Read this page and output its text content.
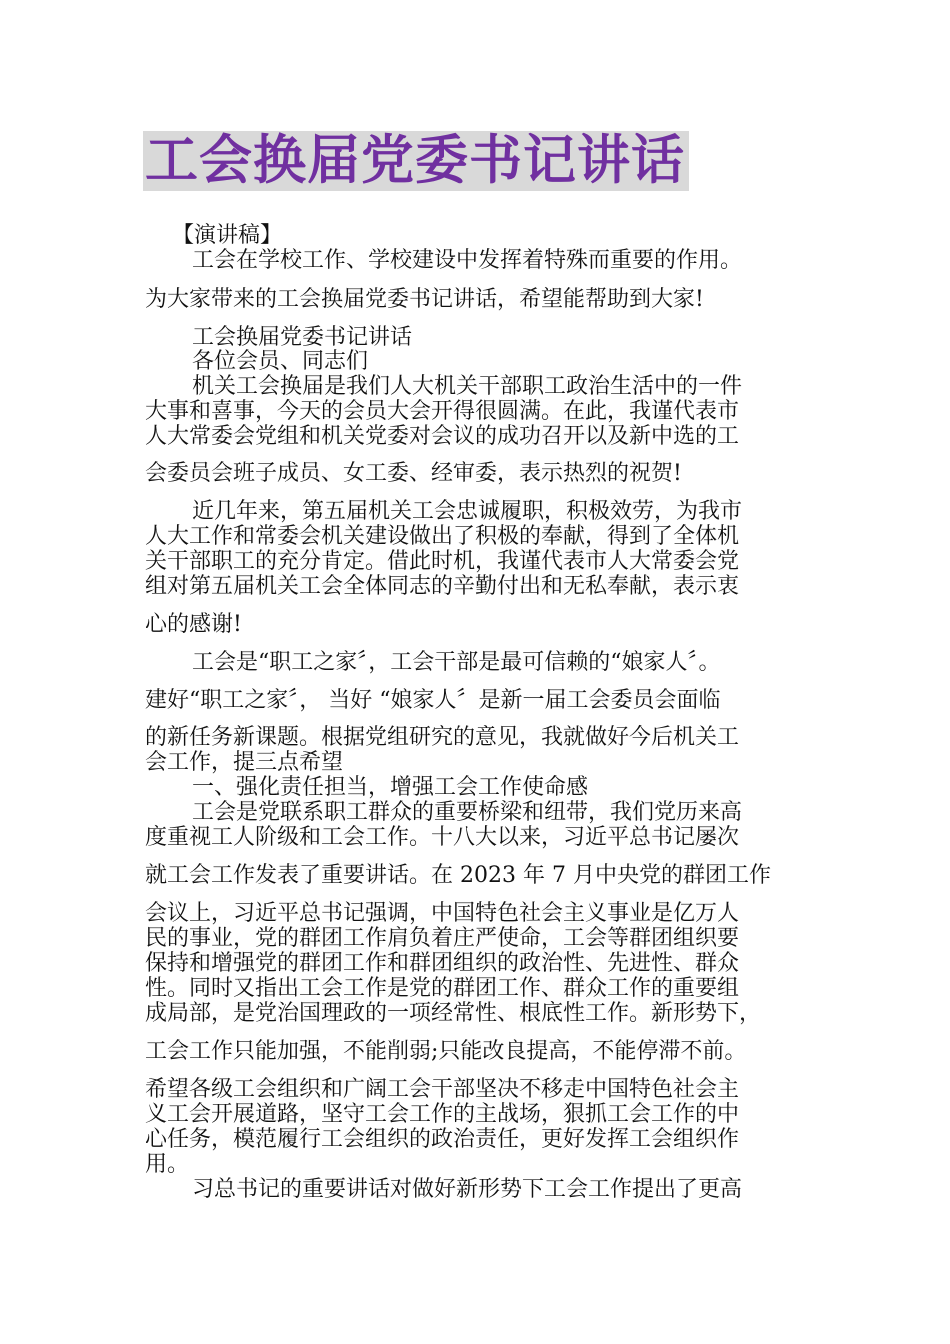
工会换届党委书记讲话
【演讲稿】
工会在学校工作、学校建设中发挥着特殊而重要的作用。
为大家带来的工会换届党委书记讲话，希望能帮助到大家!
工会换届党委书记讲话
各位会员、同志们
机关工会换届是我们人大机关干部职工政治生活中的一件
大事和喜事，今天的会员大会开得很圆满。在此，我谨代表市
人大常委会党组和机关党委对会议的成功召开以及新中选的工
会委员会班子成员、女工委、经审委，表示热烈的祝贺!
近几年来，第五届机关工会忠诚履职，积极效劳，为我市
人大工作和常委会机关建设做出了积极的奉献，得到了全体机
关干部职工的充分肯定。借此时机，我谨代表市人大常委会党
组对第五届机关工会全体同志的辛勤付出和无私奉献，表示衷
心的感谢!
工会是“职工之家〞，工会干部是最可信赖的“娘家人〞。
建好“职工之家〞， 当好 “娘家人〞是新一届工会委员会面临
的新任务新课题。根据党组研究的意见，我就做好今后机关工
会工作，提三点希望
一、强化责任担当，增强工会工作使命感
工会是党联系职工群众的重要桥梁和纽带，我们党历来高
度重视工人阶级和工会工作。十八大以来，习近平总书记屡次
就工会工作发表了重要讲话。在 2023 年 7 月中央党的群团工作
会议上，习近平总书记强调，中国特色社会主义事业是亿万人
民的事业，党的群团工作肩负着庄严使命，工会等群团组织要
保持和增强党的群团工作和群团组织的政治性、先进性、群众
性。同时又指出工会工作是党的群团工作、群众工作的重要组
成局部，是党治国理政的一项经常性、根底性工作。新形势下，
工会工作只能加强，不能削弱;只能改良提高，不能停滞不前。
希望各级工会组织和广阔工会干部坚决不移走中国特色社会主
义工会开展道路，坚守工会工作的主战场，狠抓工会工作的中
心任务，模范履行工会组织的政治责任，更好发挥工会组织作
用。
习总书记的重要讲话对做好新形势下工会工作提出了更高
